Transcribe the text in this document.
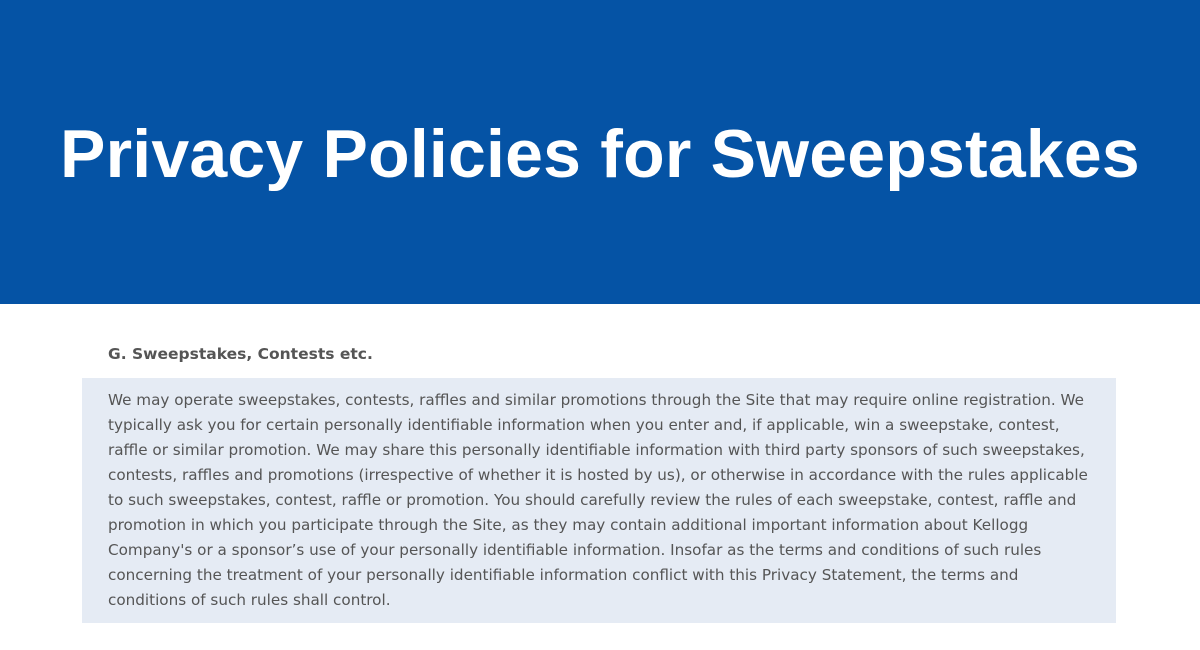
Privacy Policies for Sweepstakes
G. Sweepstakes, Contests etc.

We may operate sweepstakes, contests, raffles and similar promotions through the Site that may require online registration. We typically ask you for certain personally identifiable information when you enter and, if applicable, win a sweepstake, contest, raffle or similar promotion. We may share this personally identifiable information with third party sponsors of such sweepstakes, contests, raffles and promotions (irrespective of whether it is hosted by us), or otherwise in accordance with the rules applicable to such sweepstakes, contest, raffle or promotion. You should carefully review the rules of each sweepstake, contest, raffle and promotion in which you participate through the Site, as they may contain additional important information about Kellogg Company's or a sponsor’s use of your personally identifiable information. Insofar as the terms and conditions of such rules concerning the treatment of your personally identifiable information conflict with this Privacy Statement, the terms and conditions of such rules shall control.
